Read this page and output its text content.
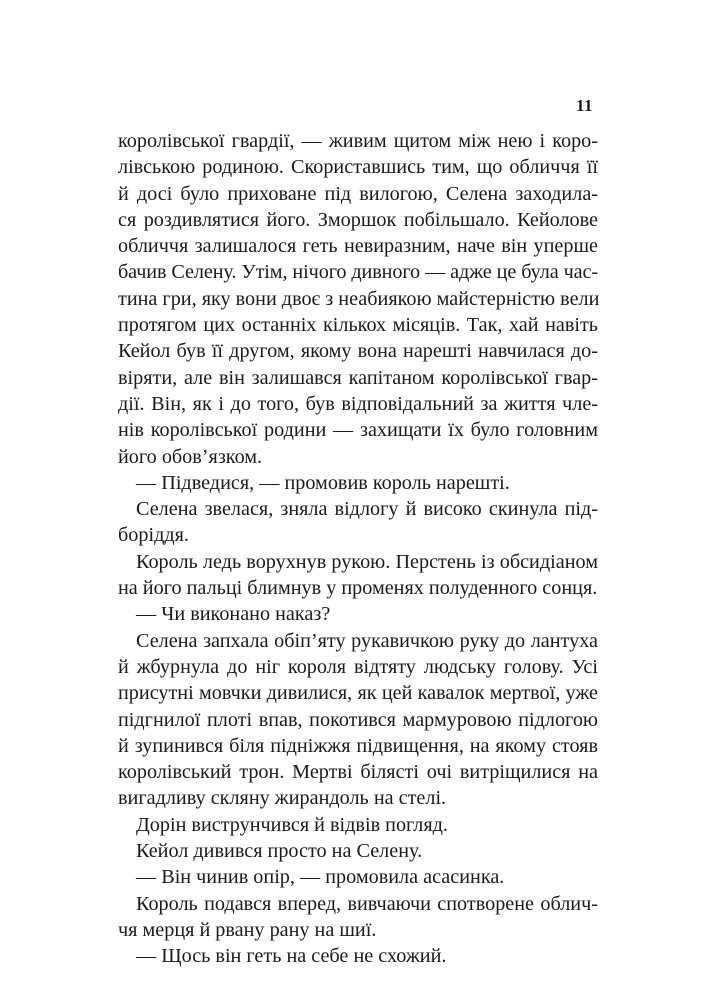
11
королівської гвардії, — живим щитом між нею і коро-
лівською родиною. Скориставшись тим, що обличчя її
й досі було приховане під вилогою, Селена заходила-
ся роздивлятися його. Зморшок побільшало. Кейолове
обличчя залишалося геть невиразним, наче він уперше
бачив Селену. Утім, нічого дивного — адже це була час-
тина гри, яку вони двоє з неабиякою майстерністю вели
протягом цих останніх кількох місяців. Так, хай навіть
Кейол був її другом, якому вона нарешті навчилася до-
віряти, але він залишався капітаном королівської гвар-
дії. Він, як і до того, був відповідальний за життя чле-
нів королівської родини — захищати їх було головним
його обов’язком.
— Підведися, — промовив король нарешті.
Селена звелася, зняла відлогу й високо скинула під-
боріддя.
Король ледь ворухнув рукою. Перстень із обсидіаном
на його пальці блимнув у променях полуденного сонця.
— Чи виконано наказ?
Селена запхала обіп’яту рукавичкою руку до лантуха
й жбурнула до ніг короля відтяту людську голову. Усі
присутні мовчки дивилися, як цей кавалок мертвої, уже
підгнилої плоті впав, покотився мармуровою підлогою
й зупинився біля підніжжя підвищення, на якому стояв
королівський трон. Мертві білясті очі витріщилися на
вигадливу скляну жирандоль на стелі.
Дорін виструнчився й відвів погляд.
Кейол дивився просто на Селену.
— Він чинив опір, — промовила асасинка.
Король подався вперед, вивчаючи спотворене облич-
чя мерця й рвану рану на шиї.
— Щось він геть на себе не схожий.
